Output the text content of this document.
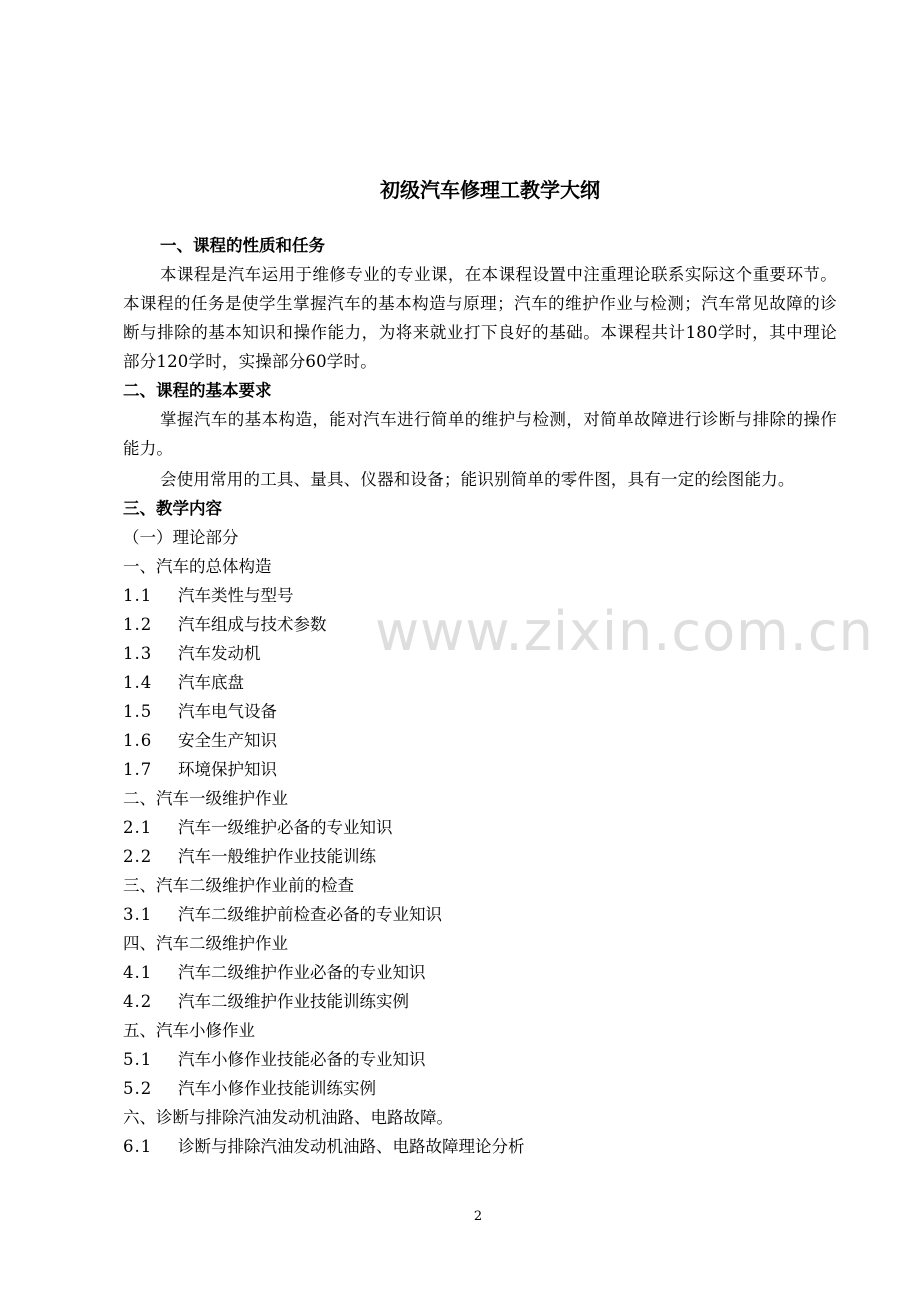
初级汽车修理工教学大纲
一、课程的性质和任务

本课程是汽车运用于维修专业的专业课，在本课程设置中注重理论联系实际这个重要环节。本课程的任务是使学生掌握汽车的基本构造与原理；汽车的维护作业与检测；汽车常见故障的诊断与排除的基本知识和操作能力，为将来就业打下良好的基础。本课程共计180学时，其中理论部分120学时，实操部分60学时。

二、课程的基本要求

掌握汽车的基本构造，能对汽车进行简单的维护与检测，对简单故障进行诊断与排除的操作能力。

会使用常用的工具、量具、仪器和设备；能识别简单的零件图，具有一定的绘图能力。

三、教学内容
（一）理论部分
一、汽车的总体构造
1.1 汽车类性与型号
1.2 汽车组成与技术参数
1.3 汽车发动机
1.4 汽车底盘
1.5 汽车电气设备
1.6 安全生产知识
1.7 环境保护知识
二、汽车一级维护作业
2.1 汽车一级维护必备的专业知识
2.2 汽车一般维护作业技能训练
三、汽车二级维护作业前的检查
3.1 汽车二级维护前检查必备的专业知识
四、汽车二级维护作业
4.1 汽车二级维护作业必备的专业知识
4.2 汽车二级维护作业技能训练实例
五、汽车小修作业
5.1 汽车小修作业技能必备的专业知识
5.2 汽车小修作业技能训练实例
六、诊断与排除汽油发动机油路、电路故障。
6.1 诊断与排除汽油发动机油路、电路故障理论分析
www.zixin.com.cn
2
